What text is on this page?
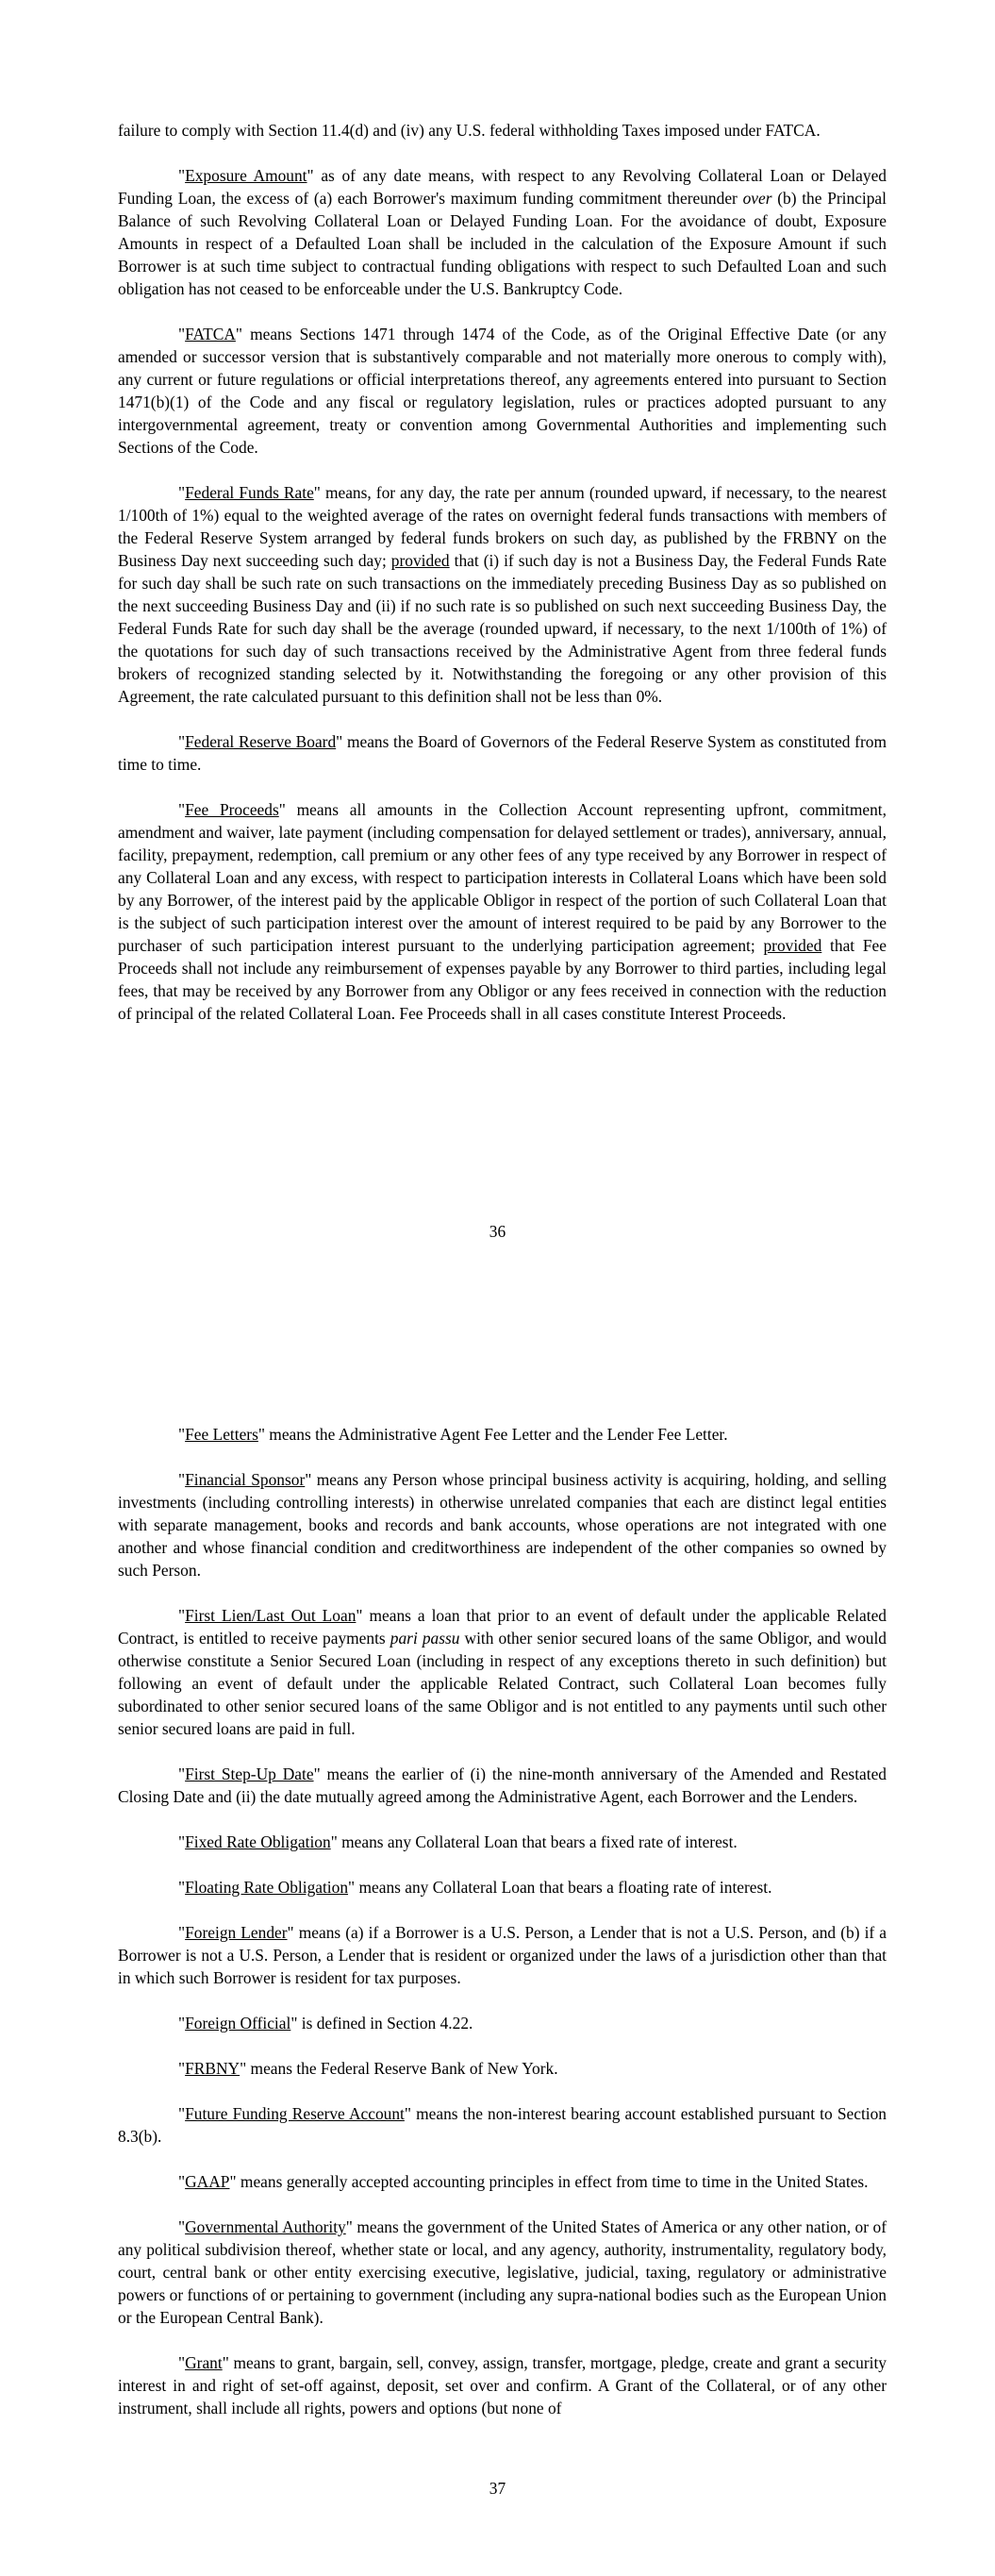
failure to comply with Section 11.4(d) and (iv) any U.S. federal withholding Taxes imposed under FATCA.

"Exposure Amount" as of any date means, with respect to any Revolving Collateral Loan or Delayed Funding Loan, the excess of (a) each Borrower's maximum funding commitment thereunder over (b) the Principal Balance of such Revolving Collateral Loan or Delayed Funding Loan. For the avoidance of doubt, Exposure Amounts in respect of a Defaulted Loan shall be included in the calculation of the Exposure Amount if such Borrower is at such time subject to contractual funding obligations with respect to such Defaulted Loan and such obligation has not ceased to be enforceable under the U.S. Bankruptcy Code.

"FATCA" means Sections 1471 through 1474 of the Code, as of the Original Effective Date (or any amended or successor version that is substantively comparable and not materially more onerous to comply with), any current or future regulations or official interpretations thereof, any agreements entered into pursuant to Section 1471(b)(1) of the Code and any fiscal or regulatory legislation, rules or practices adopted pursuant to any intergovernmental agreement, treaty or convention among Governmental Authorities and implementing such Sections of the Code.

"Federal Funds Rate" means, for any day, the rate per annum (rounded upward, if necessary, to the nearest 1/100th of 1%) equal to the weighted average of the rates on overnight federal funds transactions with members of the Federal Reserve System arranged by federal funds brokers on such day, as published by the FRBNY on the Business Day next succeeding such day; provided that (i) if such day is not a Business Day, the Federal Funds Rate for such day shall be such rate on such transactions on the immediately preceding Business Day as so published on the next succeeding Business Day and (ii) if no such rate is so published on such next succeeding Business Day, the Federal Funds Rate for such day shall be the average (rounded upward, if necessary, to the next 1/100th of 1%) of the quotations for such day of such transactions received by the Administrative Agent from three federal funds brokers of recognized standing selected by it. Notwithstanding the foregoing or any other provision of this Agreement, the rate calculated pursuant to this definition shall not be less than 0%.

"Federal Reserve Board" means the Board of Governors of the Federal Reserve System as constituted from time to time.

"Fee Proceeds" means all amounts in the Collection Account representing upfront, commitment, amendment and waiver, late payment (including compensation for delayed settlement or trades), anniversary, annual, facility, prepayment, redemption, call premium or any other fees of any type received by any Borrower in respect of any Collateral Loan and any excess, with respect to participation interests in Collateral Loans which have been sold by any Borrower, of the interest paid by the applicable Obligor in respect of the portion of such Collateral Loan that is the subject of such participation interest over the amount of interest required to be paid by any Borrower to the purchaser of such participation interest pursuant to the underlying participation agreement; provided that Fee Proceeds shall not include any reimbursement of expenses payable by any Borrower to third parties, including legal fees, that may be received by any Borrower from any Obligor or any fees received in connection with the reduction of principal of the related Collateral Loan. Fee Proceeds shall in all cases constitute Interest Proceeds.

36

"Fee Letters" means the Administrative Agent Fee Letter and the Lender Fee Letter.

"Financial Sponsor" means any Person whose principal business activity is acquiring, holding, and selling investments (including controlling interests) in otherwise unrelated companies that each are distinct legal entities with separate management, books and records and bank accounts, whose operations are not integrated with one another and whose financial condition and creditworthiness are independent of the other companies so owned by such Person.

"First Lien/Last Out Loan" means a loan that prior to an event of default under the applicable Related Contract, is entitled to receive payments pari passu with other senior secured loans of the same Obligor, and would otherwise constitute a Senior Secured Loan (including in respect of any exceptions thereto in such definition) but following an event of default under the applicable Related Contract, such Collateral Loan becomes fully subordinated to other senior secured loans of the same Obligor and is not entitled to any payments until such other senior secured loans are paid in full.

"First Step-Up Date" means the earlier of (i) the nine-month anniversary of the Amended and Restated Closing Date and (ii) the date mutually agreed among the Administrative Agent, each Borrower and the Lenders.

"Fixed Rate Obligation" means any Collateral Loan that bears a fixed rate of interest.

"Floating Rate Obligation" means any Collateral Loan that bears a floating rate of interest.

"Foreign Lender" means (a) if a Borrower is a U.S. Person, a Lender that is not a U.S. Person, and (b) if a Borrower is not a U.S. Person, a Lender that is resident or organized under the laws of a jurisdiction other than that in which such Borrower is resident for tax purposes.

"Foreign Official" is defined in Section 4.22.

"FRBNY" means the Federal Reserve Bank of New York.

"Future Funding Reserve Account" means the non-interest bearing account established pursuant to Section 8.3(b).

"GAAP" means generally accepted accounting principles in effect from time to time in the United States.

"Governmental Authority" means the government of the United States of America or any other nation, or of any political subdivision thereof, whether state or local, and any agency, authority, instrumentality, regulatory body, court, central bank or other entity exercising executive, legislative, judicial, taxing, regulatory or administrative powers or functions of or pertaining to government (including any supra-national bodies such as the European Union or the European Central Bank).

"Grant" means to grant, bargain, sell, convey, assign, transfer, mortgage, pledge, create and grant a security interest in and right of set-off against, deposit, set over and confirm. A Grant of the Collateral, or of any other instrument, shall include all rights, powers and options (but none of

37
